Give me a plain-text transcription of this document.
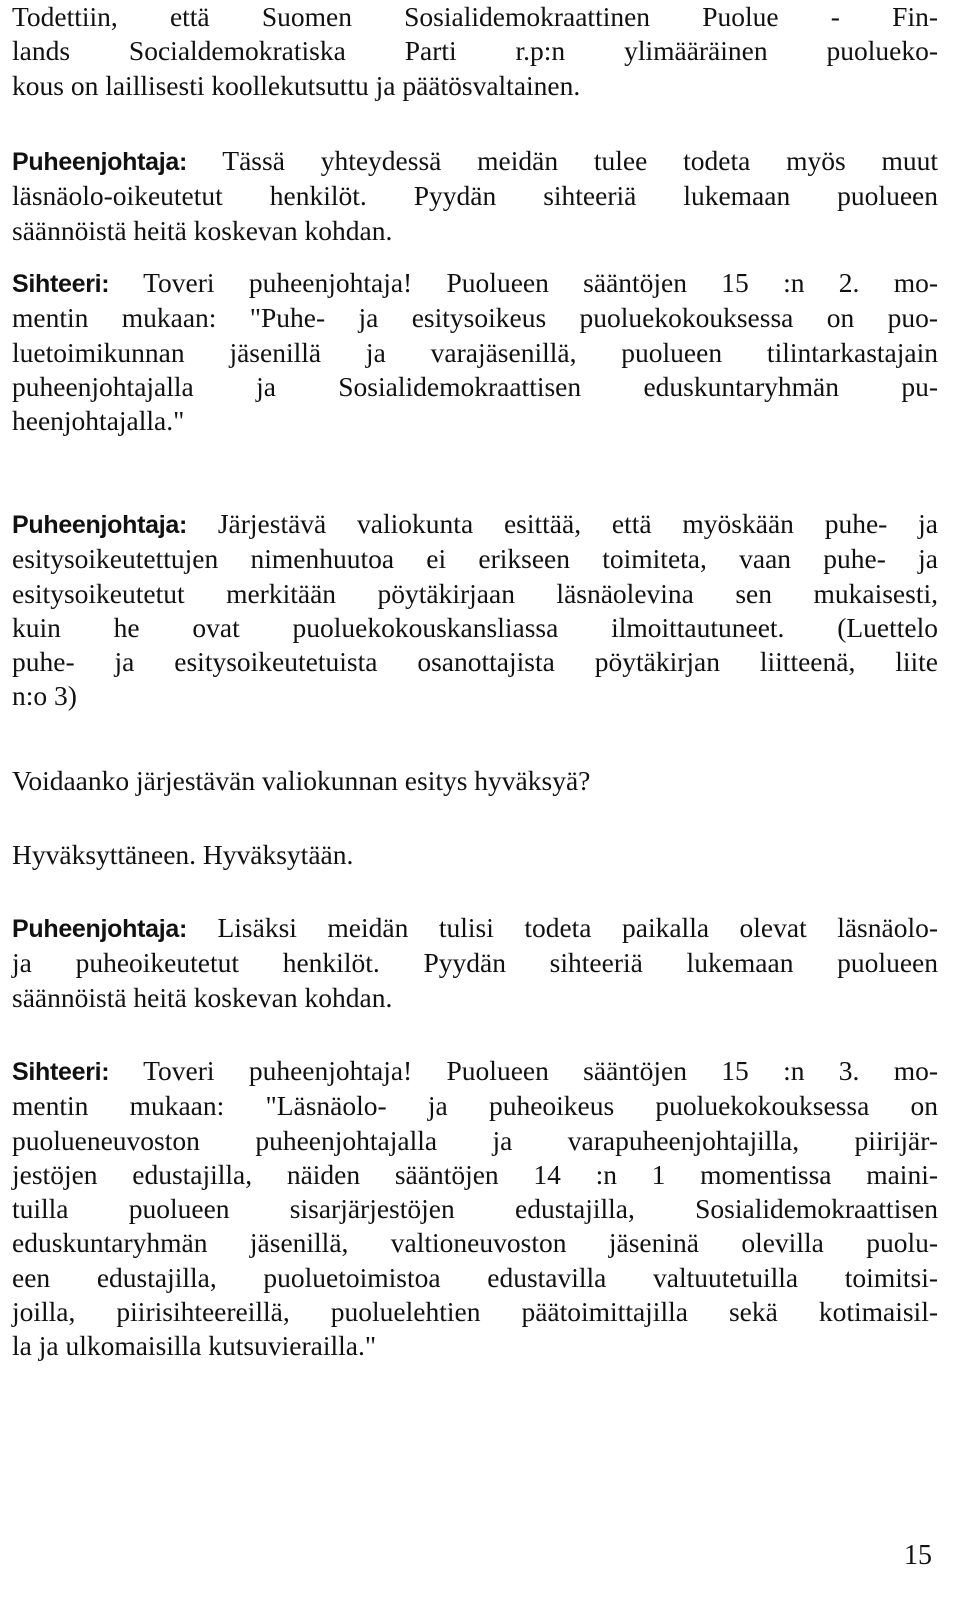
Todettiin, että Suomen Sosialidemokraattinen Puolue - Fin-
lands Socialdemokratiska Parti r.p:n ylimääräinen puolueko-
kous on laillisesti koollekutsuttu ja päätösvaltainen.
Puheenjohtaja: Tässä yhteydessä meidän tulee todeta myös muut
läsnäolo-oikeutetut henkilöt. Pyydän sihteeriä lukemaan puolueen
säännöistä heitä koskevan kohdan.
Sihteeri: Toveri puheenjohtaja! Puolueen sääntöjen 15 :n 2. mo-
mentin mukaan: "Puhe- ja esitysoikeus puoluekokouksessa on puo-
luetoimikunnan jäsenillä ja varajäsenillä, puolueen tilintarkastajain
puheenjohtajalla ja Sosialidemokraattisen eduskuntaryhmän pu-
heenjohtajalla."
Puheenjohtaja: Järjestävä valiokunta esittää, että myöskään puhe- ja
esitysoikeutettujen nimenhuutoa ei erikseen toimiteta, vaan puhe- ja
esitysoikeutetut merkitään pöytäkirjaan läsnäolevina sen mukaisesti,
kuin he ovat puoluekokouskansliassa ilmoittautuneet. (Luettelo
puhe- ja esitysoikeutetuista osanottajista pöytäkirjan liitteenä, liite
n:o 3)
Voidaanko järjestävän valiokunnan esitys hyväksyä?
Hyväksyttäneen. Hyväksytään.
Puheenjohtaja: Lisäksi meidän tulisi todeta paikalla olevat läsnäolo-
ja puheoikeutetut henkilöt. Pyydän sihteeriä lukemaan puolueen
säännöistä heitä koskevan kohdan.
Sihteeri: Toveri puheenjohtaja! Puolueen sääntöjen 15 :n 3. mo-
mentin mukaan: "Läsnäolo- ja puheoikeus puoluekokouksessa on
puolueneuvoston puheenjohtajalla ja varapuheenjohtajilla, piirijär-
jestöjen edustajilla, näiden sääntöjen 14 :n 1 momentissa maini-
tuilla puolueen sisarjärjestöjen edustajilla, Sosialidemokraattisen
eduskuntaryhmän jäsenillä, valtioneuvoston jäseninä olevilla puolu-
een edustajilla, puoluetoimistoa edustavilla valtuutetuilla toimitsi-
joilla, piirisihteereillä, puoluelehtien päätoimittajilla sekä kotimaisil-
la ja ulkomaisilla kutsuvierailla."
15
